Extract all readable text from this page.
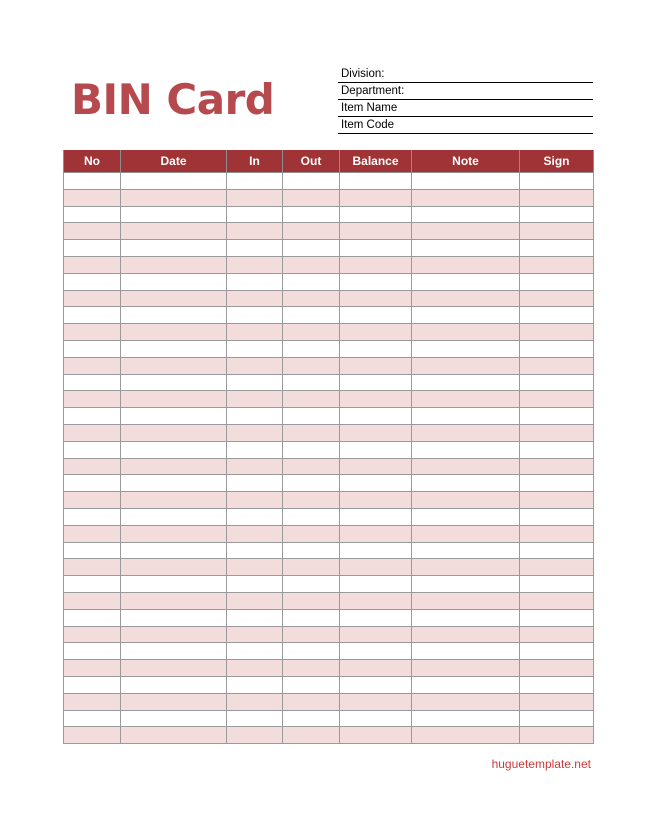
BIN Card
Division:
Department:
Item Name
Item Code
No	Date	In	Out	Balance	Note	Sign

huguetemplate.net
